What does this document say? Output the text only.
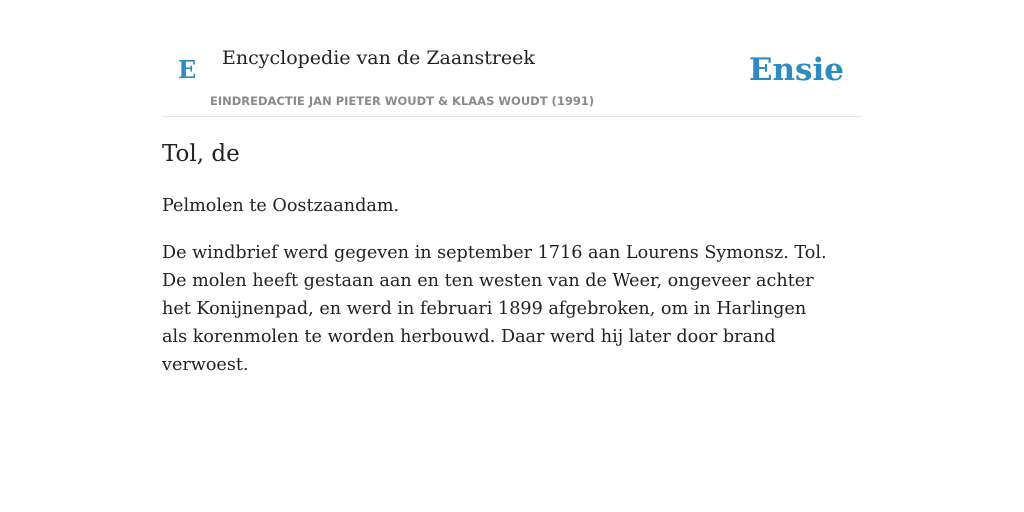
E Encyclopedie van de Zaanstreek
EINDREDACTIE JAN PIETER WOUDT & KLAAS WOUDT (1991)
Ensie
Tol, de

Pelmolen te Oostzaandam.

De windbrief werd gegeven in september 1716 aan Lourens Symonsz. Tol. De molen heeft gestaan aan en ten westen van de Weer, ongeveer achter het Konijnenpad, en werd in februari 1899 afgebroken, om in Harlingen als korenmolen te worden herbouwd. Daar werd hij later door brand verwoest.
